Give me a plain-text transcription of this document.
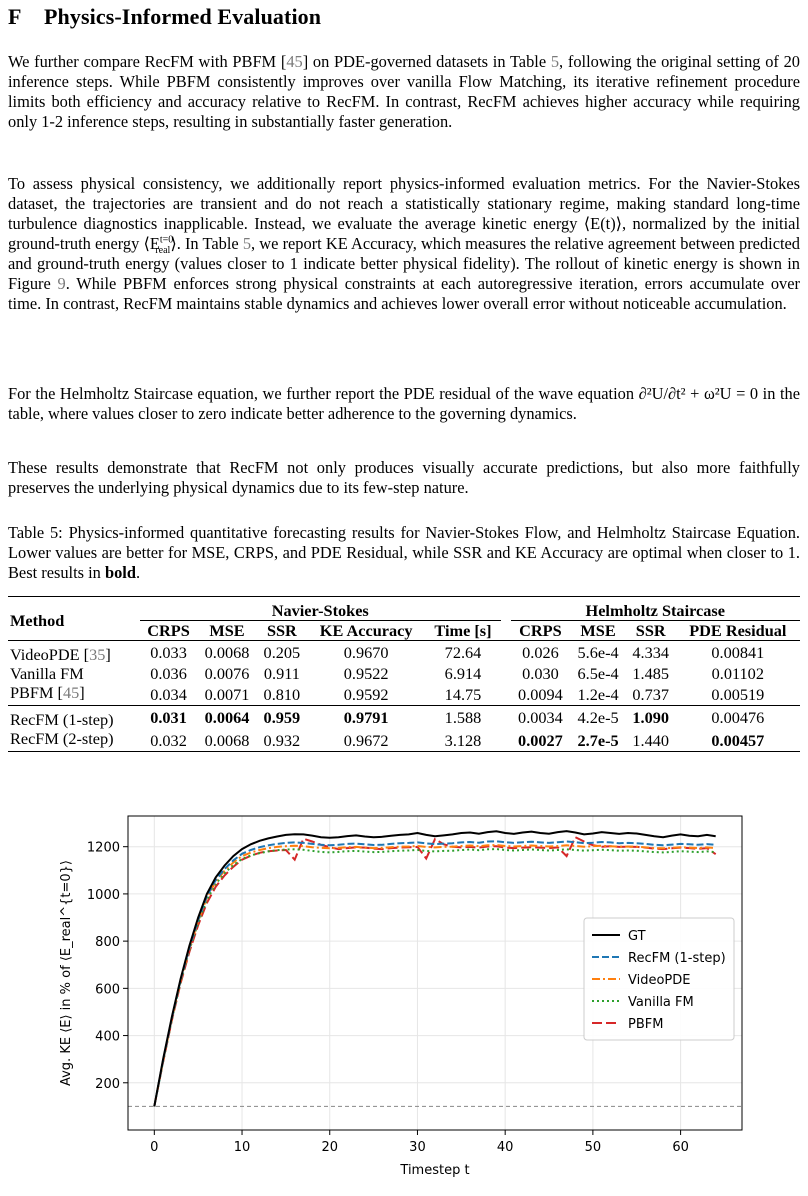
F Physics-Informed Evaluation

We further compare RecFM with PBFM [45] on PDE-governed datasets in Table 5, following the original setting of 20 inference steps. While PBFM consistently improves over vanilla Flow Matching, its iterative refinement procedure limits both efficiency and accuracy relative to RecFM. In contrast, RecFM achieves higher accuracy while requiring only 1-2 inference steps, resulting in substantially faster generation.

To assess physical consistency, we additionally report physics-informed evaluation metrics. For the Navier-Stokes dataset, the trajectories are transient and do not reach a statistically stationary regime, making standard long-time turbulence diagnostics inapplicable. Instead, we evaluate the average kinetic energy ⟨E(t)⟩, normalized by the initial ground-truth energy $⟨E^{t=0}_{real}⟩$. In Table 5, we report KE Accuracy, which measures the relative agreement between predicted and ground-truth energy (values closer to 1 indicate better physical fidelity). The rollout of kinetic energy is shown in Figure 9. While PBFM enforces strong physical constraints at each autoregressive iteration, errors accumulate over time. In contrast, RecFM maintains stable dynamics and achieves lower overall error without noticeable accumulation.

For the Helmholtz Staircase equation, we further report the PDE residual of the wave equation ∂²U/∂t² + ω²U = 0 in the table, where values closer to zero indicate better adherence to the governing dynamics.

These results demonstrate that RecFM not only produces visually accurate predictions, but also more faithfully preserves the underlying physical dynamics due to its few-step nature.

Table 5: Physics-informed quantitative forecasting results for Navier-Stokes Flow, and Helmholtz Staircase Equation. Lower values are better for MSE, CRPS, and PDE Residual, while SSR and KE Accuracy are optimal when closer to 1. Best results in bold.

Method	Navier-Stokes						Helmholtz Staircase			
	CRPS	MSE	SSR	KE Accuracy	Time [s]		CRPS	MSE	SSR	PDE Residual
VideoPDE [35]	0.033	0.0068	0.205	0.9670	72.64		0.026	5.6e-4	4.334	0.00841
Vanilla FM	0.036	0.0076	0.911	0.9522	6.914		0.030	6.5e-4	1.485	0.01102
PBFM [45]	0.034	0.0071	0.810	0.9592	14.75		0.0094	1.2e-4	0.737	0.00519
RecFM (1-step)	0.031	0.0064	0.959	0.9791	1.588		0.0034	4.2e-5	1.090	0.00476
RecFM (2-step)	0.032	0.0068	0.932	0.9672	3.128		0.0027	2.7e-5	1.440	0.00457
0	10	20	30	40	50	60
200
400
600
800
1000
1200
Timestep t
Avg. KE ⟨E⟩ in % of ⟨E_real^{t=0}⟩	GT
RecFM (1-step)
VideoPDE
Vanilla FM
PBFM
